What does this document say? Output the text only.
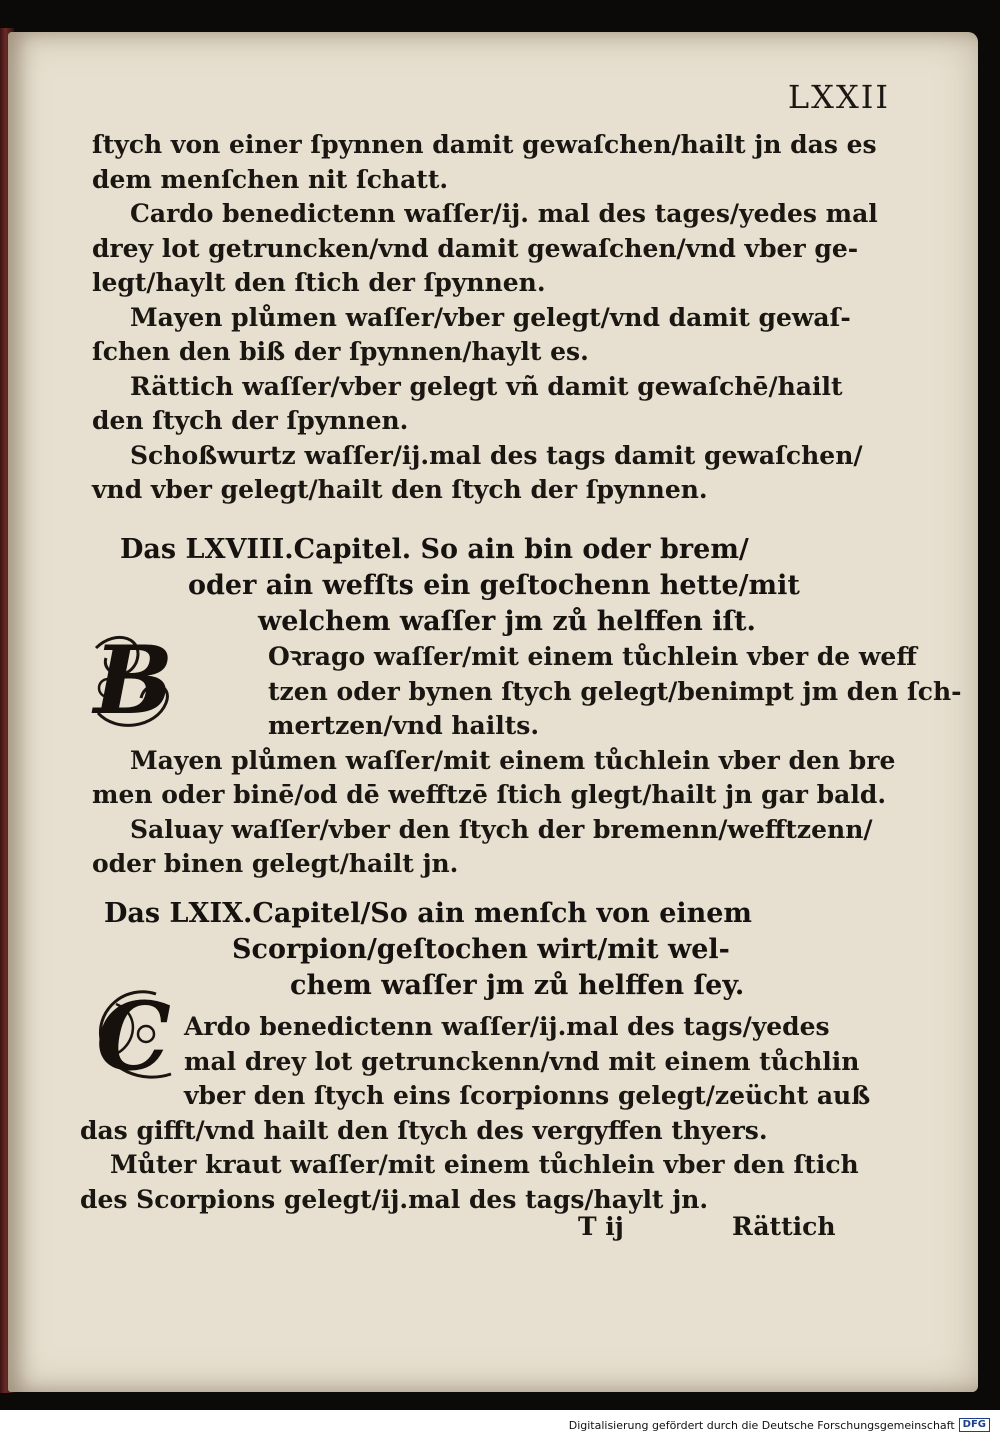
LXXII
ſtych von einer ſpynnen damit gewaſchen/hailt jn das es
dem menſchen nit ſchatt.
Cardo benedictenn waſſer/ij. mal des tages/yedes mal
drey lot getruncken/vnd damit gewaſchen/vnd vber ge-
legt/haylt den ſtich der ſpynnen.
Mayen plůmen waſſer/vber gelegt/vnd damit gewaſ-
ſchen den biß der ſpynnen/haylt es.
Rättich waſſer/vber gelegt vñ damit gewaſchē/hailt
den ſtych der ſpynnen.
Schoßwurtz waſſer/ij.mal des tags damit gewaſchen/
vnd vber gelegt/hailt den ſtych der ſpynnen.
Das LXVIII.Capitel. So ain bin oder brem/
oder ain wefſts ein geſtochenn hette/mit
welchem waſſer jm zů helffen iſt.
B	Oꝛrago waſſer/mit einem tůchlein vber de weff
tzen oder bynen ſtych gelegt/benimpt jm den ſch-
mertzen/vnd hailts.
Mayen plůmen waſſer/mit einem tůchlein vber den bre
men oder binē/od dē wefftzē ſtich glegt/hailt jn gar bald.
Saluay waſſer/vber den ſtych der bremenn/wefftzenn/
oder binen gelegt/hailt jn.
Das LXIX.Capitel/So ain menſch von einem
Scorpion/geſtochen wirt/mit wel-
chem waſſer jm zů helffen ſey.
C Ardo benedictenn waſſer/ij.mal des tags/yedes
mal drey lot getrunckenn/vnd mit einem tůchlin
vber den ſtych eins ſcorpionns gelegt/zeücht auß
das gifft/vnd hailt den ſtych des vergyffen thyers.
Můter kraut waſſer/mit einem tůchlein vber den ſtich
des Scorpions gelegt/ij.mal des tags/haylt jn.
T ij	Rättich
Digitalisierung gefördert durch die Deutsche Forschungsgemeinschaft DFG
